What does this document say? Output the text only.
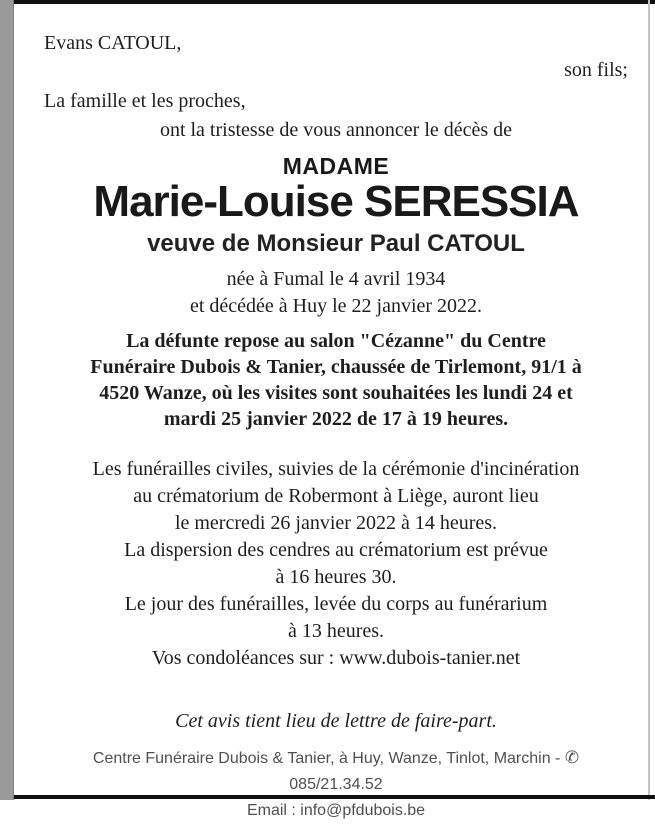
Evans CATOUL,
son fils;
La famille et les proches,
ont la tristesse de vous annoncer le décès de
MADAME
Marie-Louise SERESSIA
veuve de Monsieur Paul CATOUL
née à Fumal le 4 avril 1934
et décédée à Huy le 22 janvier 2022.
La défunte repose au salon "Cézanne" du Centre
Funéraire Dubois & Tanier, chaussée de Tirlemont, 91/1 à
4520 Wanze, où les visites sont souhaitées les lundi 24 et
mardi 25 janvier 2022 de 17 à 19 heures.
Les funérailles civiles, suivies de la cérémonie d'incinération
au crématorium de Robermont à Liège, auront lieu
le mercredi 26 janvier 2022 à 14 heures.
La dispersion des cendres au crématorium est prévue
à 16 heures 30.
Le jour des funérailles, levée du corps au funérarium
à 13 heures.
Vos condoléances sur : www.dubois-tanier.net
Cet avis tient lieu de lettre de faire-part.
Centre Funéraire Dubois & Tanier, à Huy, Wanze, Tinlot, Marchin - ✆ 085/21.34.52
Email : info@pfdubois.be
